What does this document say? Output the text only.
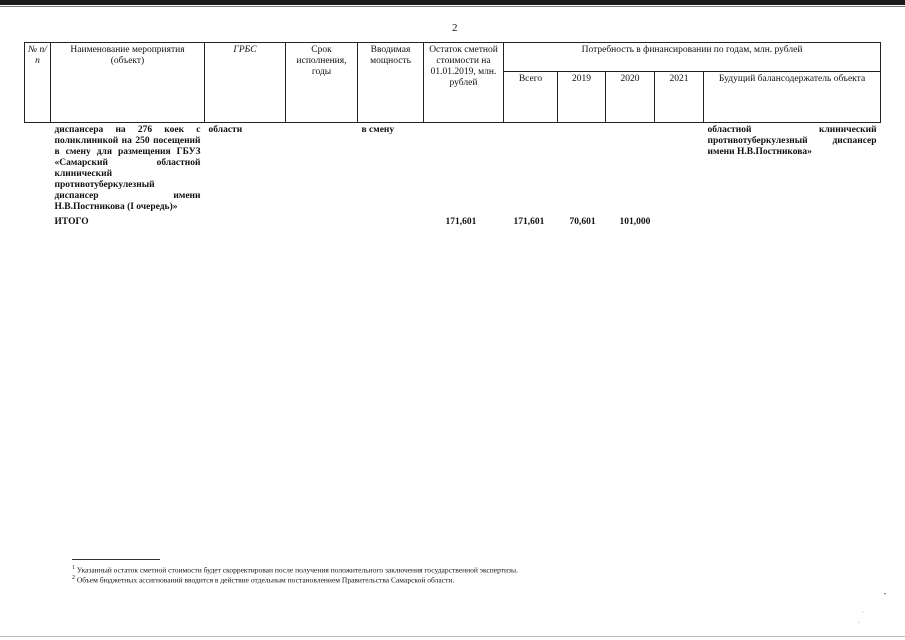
2
№ п/п	Наименование мероприятия (объект)	ГРБС	Срок исполнения, годы	Вводимая мощность	Остаток сметной стоимости на 01.01.2019, млн. рублей	Потребность в финансировании по годам, млн. рублей				
						Всего	2019	2020	2021	Будущий балансодержатель объекта
	диспансера на 276 коек с поликлиникой на 250 посещений в смену для размещения ГБУЗ «Самарский областной клинический противотуберкулезный диспансер имени Н.В.Постникова (I очередь)»	области		в смену						областной клинический противотуберкулезный диспансер имени Н.В.Постникова»
	ИТОГО				171,601	171,601	70,601	101,000		
$^1$ Указанный остаток сметной стоимости будет скорректирован после получения положительного заключения государственной экспертизы.
$^2$ Объем бюджетных ассигнований вводится в действие отдельным постановлением Правительства Самарской области.
•
·
·
